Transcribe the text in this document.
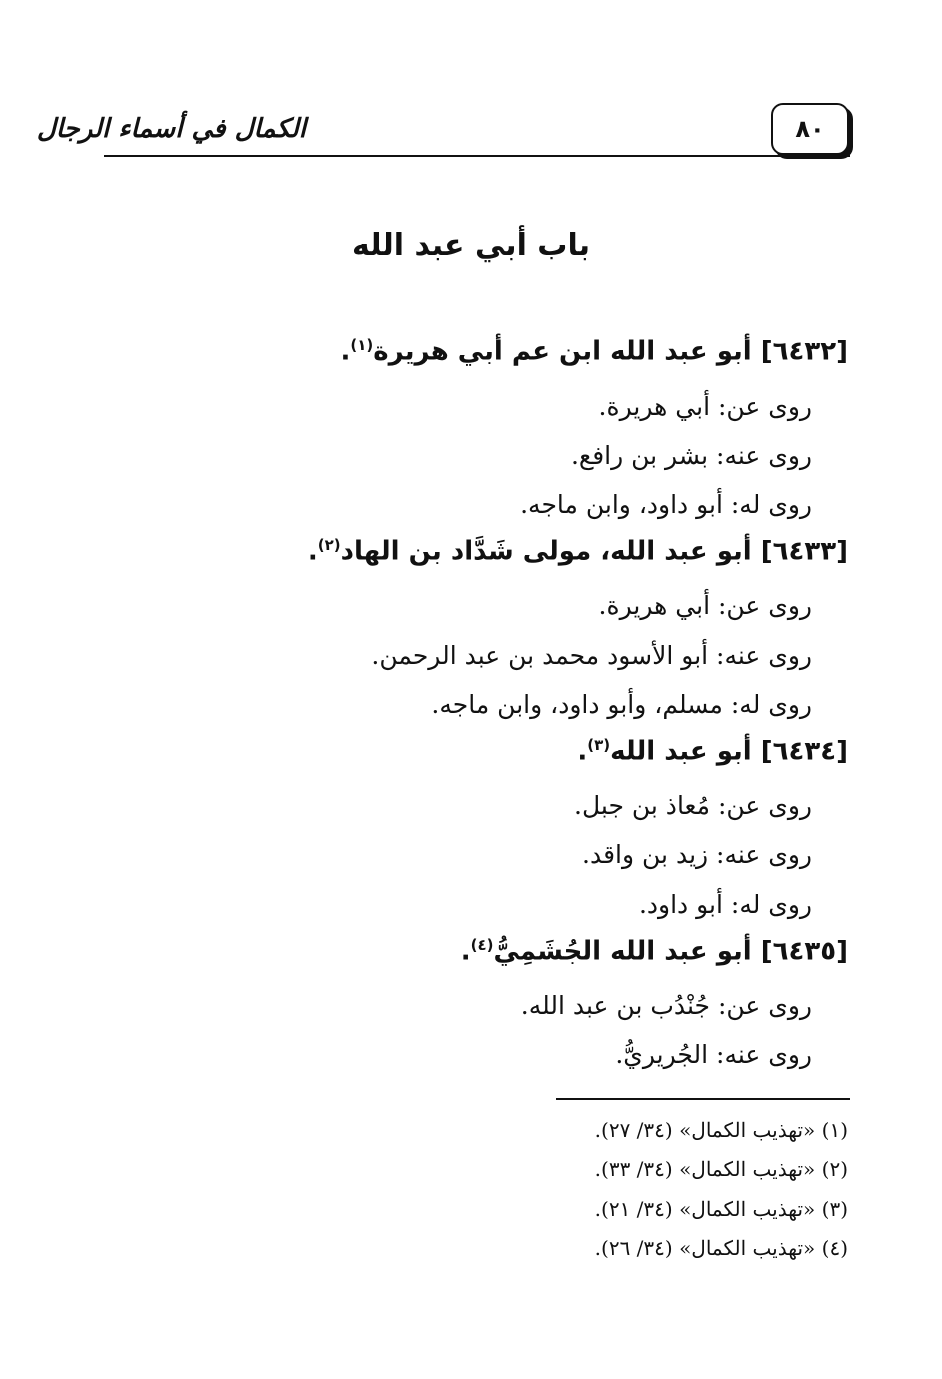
٨٠
الكمال في أسماء الرجال
باب أبي عبد الله
[٦٤٣٢] أبو عبد الله ابن عم أبي هريرة$^{(١)}$.
روى عن: أبي هريرة.
روى عنه: بشر بن رافع.
روى له: أبو داود، وابن ماجه.
[٦٤٣٣] أبو عبد الله، مولى شَدَّاد بن الهاد$^{(٢)}$.
روى عن: أبي هريرة.
روى عنه: أبو الأسود محمد بن عبد الرحمن.
روى له: مسلم، وأبو داود، وابن ماجه.
[٦٤٣٤] أبو عبد الله$^{(٣)}$.
روى عن: مُعاذ بن جبل.
روى عنه: زيد بن واقد.
روى له: أبو داود.
[٦٤٣٥] أبو عبد الله الجُشَمِيُّ$^{(٤)}$.
روى عن: جُنْدُب بن عبد الله.
روى عنه: الجُريريُّ.
(١) «تهذيب الكمال» (٣٤/ ٢٧).
(٢) «تهذيب الكمال» (٣٤/ ٣٣).
(٣) «تهذيب الكمال» (٣٤/ ٢١).
(٤) «تهذيب الكمال» (٣٤/ ٢٦).
